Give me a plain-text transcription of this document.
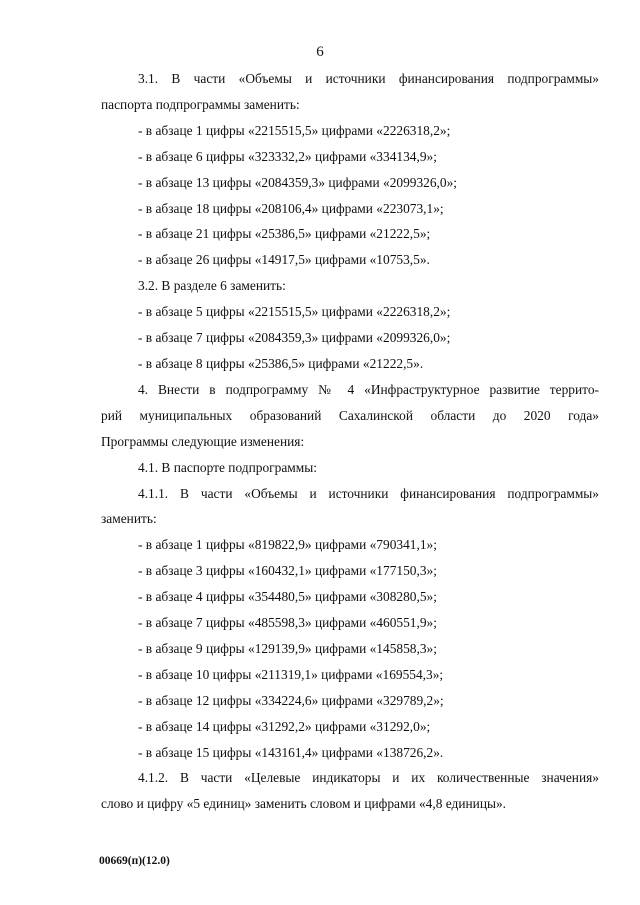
6

3.1. В части «Объемы и источники финансирования подпрограммы»

паспорта подпрограммы заменить:

- в абзаце 1 цифры «2215515,5» цифрами «2226318,2»;

- в абзаце 6 цифры «323332,2» цифрами «334134,9»;

- в абзаце 13 цифры «2084359,3» цифрами «2099326,0»;

- в абзаце 18 цифры «208106,4» цифрами «223073,1»;

- в абзаце 21 цифры «25386,5» цифрами «21222,5»;

- в абзаце 26 цифры «14917,5» цифрами «10753,5».

3.2. В разделе 6 заменить:

- в абзаце 5 цифры «2215515,5» цифрами «2226318,2»;

- в абзаце 7 цифры «2084359,3» цифрами «2099326,0»;

- в абзаце 8 цифры «25386,5» цифрами «21222,5».

4. Внести в подпрограмму № 4 «Инфраструктурное развитие террито-

рий муниципальных образований Сахалинской области до 2020 года»

Программы следующие изменения:

4.1. В паспорте подпрограммы:

4.1.1. В части «Объемы и источники финансирования подпрограммы»

заменить:

- в абзаце 1 цифры «819822,9» цифрами «790341,1»;

- в абзаце 3 цифры «160432,1» цифрами «177150,3»;

- в абзаце 4 цифры «354480,5» цифрами «308280,5»;

- в абзаце 7 цифры «485598,3» цифрами «460551,9»;

- в абзаце 9 цифры «129139,9» цифрами «145858,3»;

- в абзаце 10 цифры «211319,1» цифрами «169554,3»;

- в абзаце 12 цифры «334224,6» цифрами «329789,2»;

- в абзаце 14 цифры «31292,2» цифрами «31292,0»;

- в абзаце 15 цифры «143161,4» цифрами «138726,2».

4.1.2. В части «Целевые индикаторы и их количественные значения»

слово и цифру «5 единиц» заменить словом и цифрами «4,8 единицы».

00669(п)(12.0)
